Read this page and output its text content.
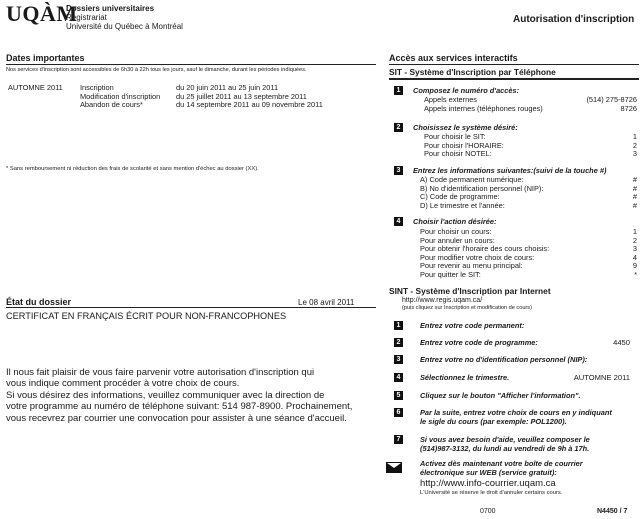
UQÀM
Dossiers universitaires
Registrariat
Université du Québec à Montréal
Autorisation d'inscription
Dates importantes
Nos services d'inscription sont accessibles de 6h30 à 22h tous les jours, sauf le dimanche, durant les périodes indiquées.
AUTOMNE 2011 Inscription	du 20 juin 2011 au 25 juin 2011
Modification d'inscription du 25 juillet 2011 au 13 septembre 2011
Abandon de cours*	du 14 septembre 2011 au 09 novembre 2011
* Sans remboursement ni réduction des frais de scolarité et sans mention d'échec au dossier (XX).
État du dossier	Le 08 avril 2011
CERTIFICAT EN FRANÇAIS ÉCRIT POUR NON-FRANCOPHONES
Il nous fait plaisir de vous faire parvenir votre autorisation d'inscription qui
vous indique comment procéder à votre choix de cours.
Si vous désirez des informations, veuillez communiquer avec la direction de
votre programme au numéro de téléphone suivant: 514 987-8900. Prochainement,
vous recevrez par courrier une convocation pour assister à une séance d'accueil.
Accès aux services interactifs
SIT - Système d'Inscription par Téléphone
1	Composez le numéro d'accès:
Appels externes	(514) 275-8726
Appels internes (téléphones rouges)	8726
2	Choisissez le système désiré:
Pour choisir le SIT:	1
Pour choisir l'HORAIRE:	2
Pour choisir NOTEL:	3
3	Entrez les informations suivantes:(suivi de la touche #)
A) Code permanent numérique:	#
B) No d'identification personnel (NIP):	#
C) Code de programme:	#
D) Le trimestre et l'année:	#
4	Choisir l'action désirée:
Pour choisir un cours:	1
Pour annuler un cours:	2
Pour obtenir l'horaire des cours choisis:	3
Pour modifier votre choix de cours:	4
Pour revenir au menu principal:	9
Pour quitter le SIT:	*
SINT - Système d'Inscription par Internet
http://www.regis.uqam.ca/
(puis cliquez sur Inscription et modification de cours)
1	Entrez votre code permanent:
2	Entrez votre code de programme:	4450
3	Entrez votre no d'identification personnel (NIP):
4	Sélectionnez le trimestre.	AUTOMNE 2011
5	Cliquez sur le bouton "Afficher l'information".
6	Par la suite, entrez votre choix de cours en y indiquant
le sigle du cours (par exemple: POL1200).
7	Si vous avez besoin d'aide, veuillez composer le
(514)987-3132, du lundi au vendredi de 9h à 17h.
Activez dès maintenant votre boîte de courrier
électronique sur WEB (service gratuit):
http://www.info-courrier.uqam.ca
L'Université se réserve le droit d'annuler certains cours.
0700	N4450 / 7
